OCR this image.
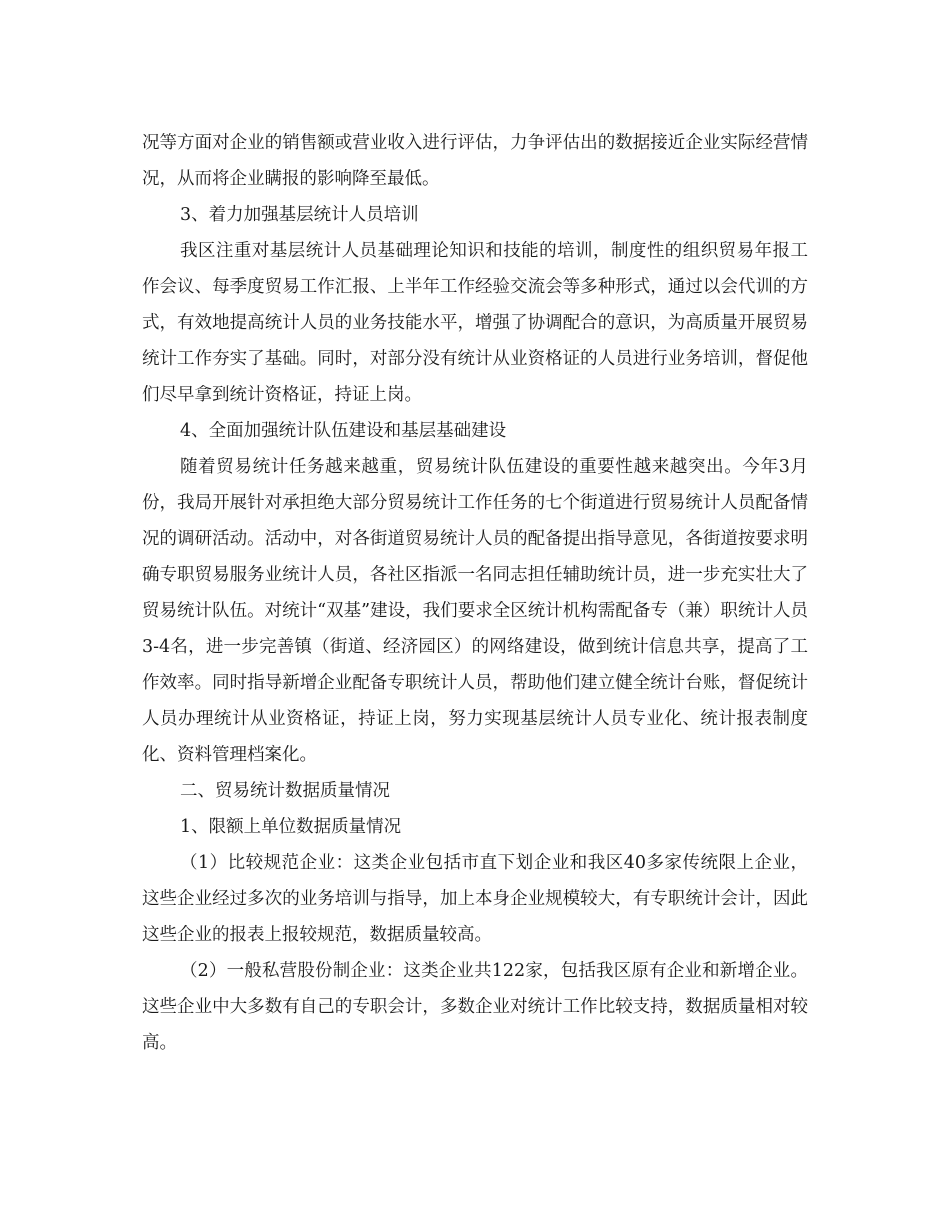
况等方面对企业的销售额或营业收入进行评估，力争评估出的数据接近企业实际经营情况，从而将企业瞒报的影响降至最低。

3、着力加强基层统计人员培训

我区注重对基层统计人员基础理论知识和技能的培训，制度性的组织贸易年报工作会议、每季度贸易工作汇报、上半年工作经验交流会等多种形式，通过以会代训的方式，有效地提高统计人员的业务技能水平，增强了协调配合的意识，为高质量开展贸易统计工作夯实了基础。同时，对部分没有统计从业资格证的人员进行业务培训，督促他们尽早拿到统计资格证，持证上岗。

4、全面加强统计队伍建设和基层基础建设

随着贸易统计任务越来越重，贸易统计队伍建设的重要性越来越突出。今年3月份，我局开展针对承担绝大部分贸易统计工作任务的七个街道进行贸易统计人员配备情况的调研活动。活动中，对各街道贸易统计人员的配备提出指导意见，各街道按要求明确专职贸易服务业统计人员，各社区指派一名同志担任辅助统计员，进一步充实壮大了贸易统计队伍。对统计“双基”建设，我们要求全区统计机构需配备专（兼）职统计人员3-4名，进一步完善镇（街道、经济园区）的网络建设，做到统计信息共享，提高了工作效率。同时指导新增企业配备专职统计人员，帮助他们建立健全统计台账，督促统计人员办理统计从业资格证，持证上岗，努力实现基层统计人员专业化、统计报表制度化、资料管理档案化。

二、贸易统计数据质量情况

1、限额上单位数据质量情况

（1）比较规范企业：这类企业包括市直下划企业和我区40多家传统限上企业，这些企业经过多次的业务培训与指导，加上本身企业规模较大，有专职统计会计，因此这些企业的报表上报较规范，数据质量较高。

（2）一般私营股份制企业：这类企业共122家，包括我区原有企业和新增企业。这些企业中大多数有自己的专职会计，多数企业对统计工作比较支持，数据质量相对较高。
